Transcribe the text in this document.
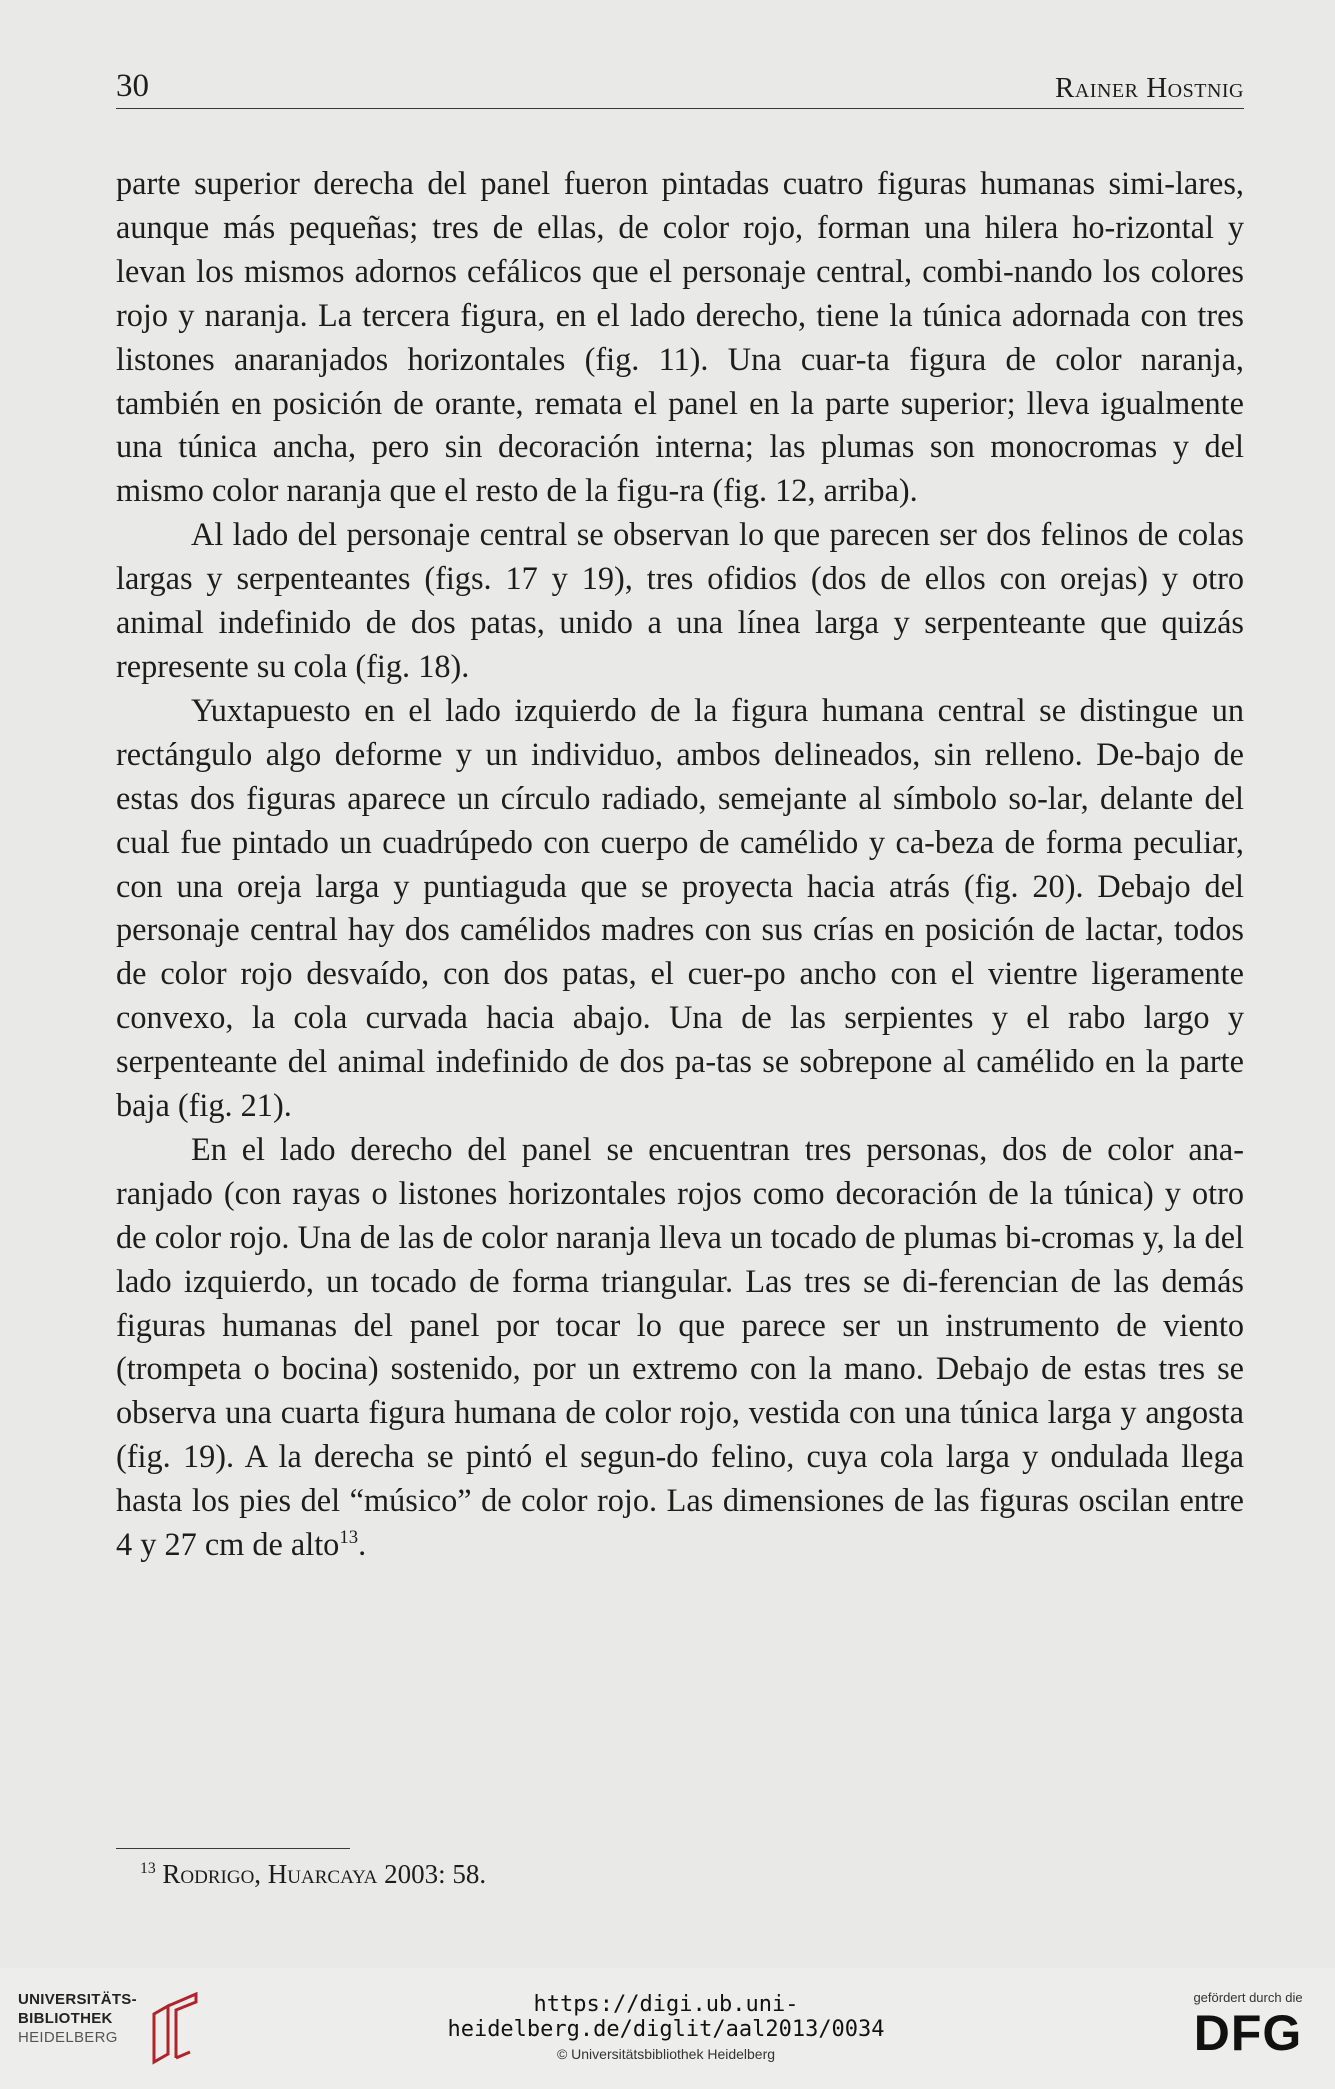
30	Rainer Hostnig

parte superior derecha del panel fueron pintadas cuatro figuras humanas simi-lares, aunque más pequeñas; tres de ellas, de color rojo, forman una hilera ho-rizontal y levan los mismos adornos cefálicos que el personaje central, combi-nando los colores rojo y naranja. La tercera figura, en el lado derecho, tiene la túnica adornada con tres listones anaranjados horizontales (fig. 11). Una cuar-ta figura de color naranja, también en posición de orante, remata el panel en la parte superior; lleva igualmente una túnica ancha, pero sin decoración interna; las plumas son monocromas y del mismo color naranja que el resto de la figu-ra (fig. 12, arriba).

Al lado del personaje central se observan lo que parecen ser dos felinos de colas largas y serpenteantes (figs. 17 y 19), tres ofidios (dos de ellos con orejas) y otro animal indefinido de dos patas, unido a una línea larga y serpenteante que quizás represente su cola (fig. 18).

Yuxtapuesto en el lado izquierdo de la figura humana central se distingue un rectángulo algo deforme y un individuo, ambos delineados, sin relleno. De-bajo de estas dos figuras aparece un círculo radiado, semejante al símbolo so-lar, delante del cual fue pintado un cuadrúpedo con cuerpo de camélido y ca-beza de forma peculiar, con una oreja larga y puntiaguda que se proyecta hacia atrás (fig. 20). Debajo del personaje central hay dos camélidos madres con sus crías en posición de lactar, todos de color rojo desvaído, con dos patas, el cuer-po ancho con el vientre ligeramente convexo, la cola curvada hacia abajo. Una de las serpientes y el rabo largo y serpenteante del animal indefinido de dos pa-tas se sobrepone al camélido en la parte baja (fig. 21).

En el lado derecho del panel se encuentran tres personas, dos de color ana-ranjado (con rayas o listones horizontales rojos como decoración de la túnica) y otro de color rojo. Una de las de color naranja lleva un tocado de plumas bi-cromas y, la del lado izquierdo, un tocado de forma triangular. Las tres se di-ferencian de las demás figuras humanas del panel por tocar lo que parece ser un instrumento de viento (trompeta o bocina) sostenido, por un extremo con la mano. Debajo de estas tres se observa una cuarta figura humana de color rojo, vestida con una túnica larga y angosta (fig. 19). A la derecha se pintó el segun-do felino, cuya cola larga y ondulada llega hasta los pies del “músico” de color rojo. Las dimensiones de las figuras oscilan entre 4 y 27 cm de alto$^{13}$.

$^{13}$ Rodrigo, Huarcaya 2003: 58.
UNIVERSITÄTS-
BIBLIOTHEK
HEIDELBERG
https://digi.ub.uni-heidelberg.de/diglit/aal2013/0034
© Universitätsbibliothek Heidelberg
gefördert durch die
DFG
